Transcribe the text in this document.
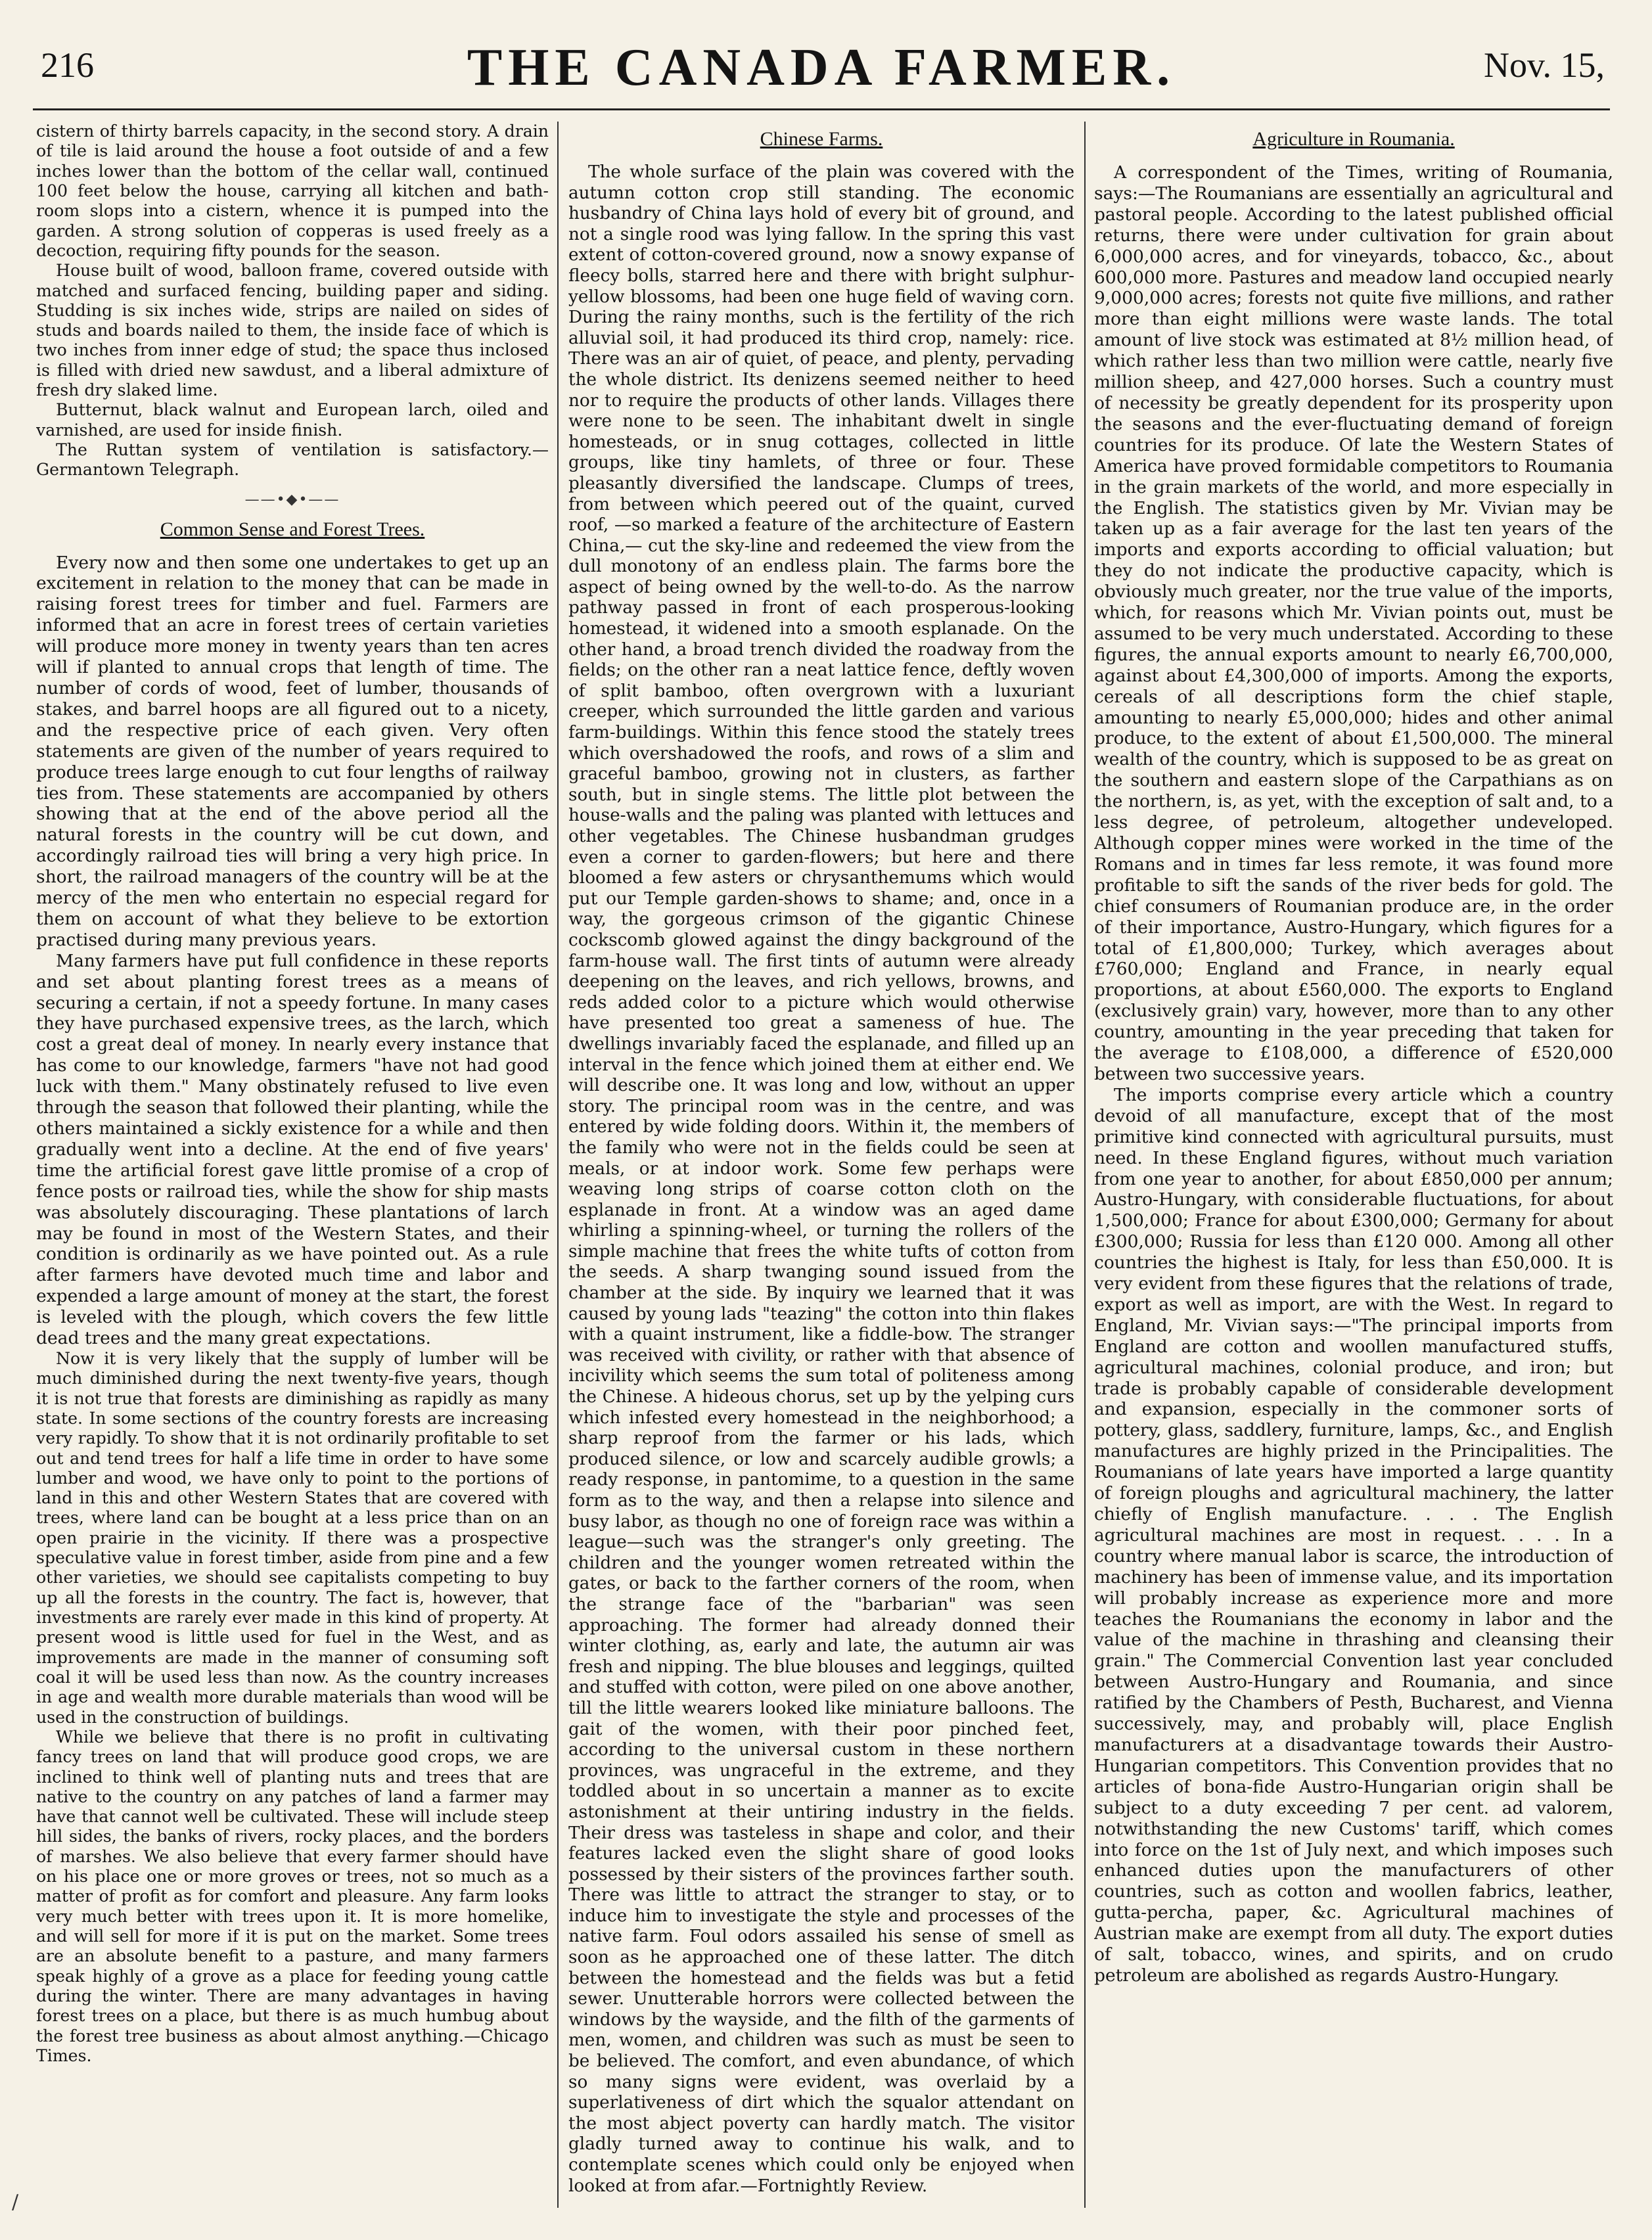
216	THE CANADA FARMER.	Nov. 15,

cistern of thirty barrels capacity, in the second story. A drain of tile is laid around the house a foot outside of and a few inches lower than the bottom of the cellar wall, continued 100 feet below the house, carrying all kitchen and bath-room slops into a cistern, whence it is pumped into the garden. A strong solution of copperas is used freely as a decoction, requiring fifty pounds for the season.

House built of wood, balloon frame, covered outside with matched and surfaced fencing, building paper and siding. Studding is six inches wide, strips are nailed on sides of studs and boards nailed to them, the inside face of which is two inches from inner edge of stud; the space thus inclosed is filled with dried new sawdust, and a liberal admixture of fresh dry slaked lime.

Butternut, black walnut and European larch, oiled and varnished, are used for inside finish.

The Ruttan system of ventilation is satisfactory.—Germantown Telegraph.

——•◆•——
Common Sense and Forest Trees.

Every now and then some one undertakes to get up an excitement in relation to the money that can be made in raising forest trees for timber and fuel. Farmers are informed that an acre in forest trees of certain varieties will produce more money in twenty years than ten acres will if planted to annual crops that length of time. The number of cords of wood, feet of lumber, thousands of stakes, and barrel hoops are all figured out to a nicety, and the respective price of each given. Very often statements are given of the number of years required to produce trees large enough to cut four lengths of railway ties from. These statements are accompanied by others showing that at the end of the above period all the natural forests in the country will be cut down, and accordingly railroad ties will bring a very high price. In short, the railroad managers of the country will be at the mercy of the men who entertain no especial regard for them on account of what they believe to be extortion practised during many previous years.

Many farmers have put full confidence in these reports and set about planting forest trees as a means of securing a certain, if not a speedy fortune. In many cases they have purchased expensive trees, as the larch, which cost a great deal of money. In nearly every instance that has come to our knowledge, farmers "have not had good luck with them." Many obstinately refused to live even through the season that followed their planting, while the others maintained a sickly existence for a while and then gradually went into a decline. At the end of five years' time the artificial forest gave little promise of a crop of fence posts or railroad ties, while the show for ship masts was absolutely discouraging. These plantations of larch may be found in most of the Western States, and their condition is ordinarily as we have pointed out. As a rule after farmers have devoted much time and labor and expended a large amount of money at the start, the forest is leveled with the plough, which covers the few little dead trees and the many great expectations.

Now it is very likely that the supply of lumber will be much diminished during the next twenty-five years, though it is not true that forests are diminishing as rapidly as many state. In some sections of the country forests are increasing very rapidly. To show that it is not ordinarily profitable to set out and tend trees for half a life time in order to have some lumber and wood, we have only to point to the portions of land in this and other Western States that are covered with trees, where land can be bought at a less price than on an open prairie in the vicinity. If there was a prospective speculative value in forest timber, aside from pine and a few other varieties, we should see capitalists competing to buy up all the forests in the country. The fact is, however, that investments are rarely ever made in this kind of property. At present wood is little used for fuel in the West, and as improvements are made in the manner of consuming soft coal it will be used less than now. As the country increases in age and wealth more durable materials than wood will be used in the construction of buildings.

While we believe that there is no profit in cultivating fancy trees on land that will produce good crops, we are inclined to think well of planting nuts and trees that are native to the country on any patches of land a farmer may have that cannot well be cultivated. These will include steep hill sides, the banks of rivers, rocky places, and the borders of marshes. We also believe that every farmer should have on his place one or more groves or trees, not so much as a matter of profit as for comfort and pleasure. Any farm looks very much better with trees upon it. It is more homelike, and will sell for more if it is put on the market. Some trees are an absolute benefit to a pasture, and many farmers speak highly of a grove as a place for feeding young cattle during the winter. There are many advantages in having forest trees on a place, but there is as much humbug about the forest tree business as about almost anything.—Chicago Times.

Chinese Farms.

The whole surface of the plain was covered with the autumn cotton crop still standing. The economic husbandry of China lays hold of every bit of ground, and not a single rood was lying fallow. In the spring this vast extent of cotton-covered ground, now a snowy expanse of fleecy bolls, starred here and there with bright sulphur-yellow blossoms, had been one huge field of waving corn. During the rainy months, such is the fertility of the rich alluvial soil, it had produced its third crop, namely: rice. There was an air of quiet, of peace, and plenty, pervading the whole district. Its denizens seemed neither to heed nor to require the products of other lands. Villages there were none to be seen. The inhabitant dwelt in single homesteads, or in snug cottages, collected in little groups, like tiny hamlets, of three or four. These pleasantly diversified the landscape. Clumps of trees, from between which peered out of the quaint, curved roof, —so marked a feature of the architecture of Eastern China,— cut the sky-line and redeemed the view from the dull monotony of an endless plain. The farms bore the aspect of being owned by the well-to-do. As the narrow pathway passed in front of each prosperous-looking homestead, it widened into a smooth esplanade. On the other hand, a broad trench divided the roadway from the fields; on the other ran a neat lattice fence, deftly woven of split bamboo, often overgrown with a luxuriant creeper, which surrounded the little garden and various farm-buildings. Within this fence stood the stately trees which overshadowed the roofs, and rows of a slim and graceful bamboo, growing not in clusters, as farther south, but in single stems. The little plot between the house-walls and the paling was planted with lettuces and other vegetables. The Chinese husbandman grudges even a corner to garden-flowers; but here and there bloomed a few asters or chrysanthemums which would put our Temple garden-shows to shame; and, once in a way, the gorgeous crimson of the gigantic Chinese cockscomb glowed against the dingy background of the farm-house wall. The first tints of autumn were already deepening on the leaves, and rich yellows, browns, and reds added color to a picture which would otherwise have presented too great a sameness of hue. The dwellings invariably faced the esplanade, and filled up an interval in the fence which joined them at either end. We will describe one. It was long and low, without an upper story. The principal room was in the centre, and was entered by wide folding doors. Within it, the members of the family who were not in the fields could be seen at meals, or at indoor work. Some few perhaps were weaving long strips of coarse cotton cloth on the esplanade in front. At a window was an aged dame whirling a spinning-wheel, or turning the rollers of the simple machine that frees the white tufts of cotton from the seeds. A sharp twanging sound issued from the chamber at the side. By inquiry we learned that it was caused by young lads "teazing" the cotton into thin flakes with a quaint instrument, like a fiddle-bow. The stranger was received with civility, or rather with that absence of incivility which seems the sum total of politeness among the Chinese. A hideous chorus, set up by the yelping curs which infested every homestead in the neighborhood; a sharp reproof from the farmer or his lads, which produced silence, or low and scarcely audible growls; a ready response, in pantomime, to a question in the same form as to the way, and then a relapse into silence and busy labor, as though no one of foreign race was within a league—such was the stranger's only greeting. The children and the younger women retreated within the gates, or back to the farther corners of the room, when the strange face of the "barbarian" was seen approaching. The former had already donned their winter clothing, as, early and late, the autumn air was fresh and nipping. The blue blouses and leggings, quilted and stuffed with cotton, were piled on one above another, till the little wearers looked like miniature balloons. The gait of the women, with their poor pinched feet, according to the universal custom in these northern provinces, was ungraceful in the extreme, and they toddled about in so uncertain a manner as to excite astonishment at their untiring industry in the fields. Their dress was tasteless in shape and color, and their features lacked even the slight share of good looks possessed by their sisters of the provinces farther south. There was little to attract the stranger to stay, or to induce him to investigate the style and processes of the native farm. Foul odors assailed his sense of smell as soon as he approached one of these latter. The ditch between the homestead and the fields was but a fetid sewer. Unutterable horrors were collected between the windows by the wayside, and the filth of the garments of men, women, and children was such as must be seen to be believed. The comfort, and even abundance, of which so many signs were evident, was overlaid by a superlativeness of dirt which the squalor attendant on the most abject poverty can hardly match. The visitor gladly turned away to continue his walk, and to contemplate scenes which could only be enjoyed when looked at from afar.—Fortnightly Review.

Agriculture in Roumania.

A correspondent of the Times, writing of Roumania, says:—The Roumanians are essentially an agricultural and pastoral people. According to the latest published official returns, there were under cultivation for grain about 6,000,000 acres, and for vineyards, tobacco, &c., about 600,000 more. Pastures and meadow land occupied nearly 9,000,000 acres; forests not quite five millions, and rather more than eight millions were waste lands. The total amount of live stock was estimated at 8½ million head, of which rather less than two million were cattle, nearly five million sheep, and 427,000 horses. Such a country must of necessity be greatly dependent for its prosperity upon the seasons and the ever-fluctuating demand of foreign countries for its produce. Of late the Western States of America have proved formidable competitors to Roumania in the grain markets of the world, and more especially in the English. The statistics given by Mr. Vivian may be taken up as a fair average for the last ten years of the imports and exports according to official valuation; but they do not indicate the productive capacity, which is obviously much greater, nor the true value of the imports, which, for reasons which Mr. Vivian points out, must be assumed to be very much understated. According to these figures, the annual exports amount to nearly £6,700,000, against about £4,300,000 of imports. Among the exports, cereals of all descriptions form the chief staple, amounting to nearly £5,000,000; hides and other animal produce, to the extent of about £1,500,000. The mineral wealth of the country, which is supposed to be as great on the southern and eastern slope of the Carpathians as on the northern, is, as yet, with the exception of salt and, to a less degree, of petroleum, altogether undeveloped. Although copper mines were worked in the time of the Romans and in times far less remote, it was found more profitable to sift the sands of the river beds for gold. The chief consumers of Roumanian produce are, in the order of their importance, Austro-Hungary, which figures for a total of £1,800,000; Turkey, which averages about £760,000; England and France, in nearly equal proportions, at about £560,000. The exports to England (exclusively grain) vary, however, more than to any other country, amounting in the year preceding that taken for the average to £108,000, a difference of £520,000 between two successive years.

The imports comprise every article which a country devoid of all manufacture, except that of the most primitive kind connected with agricultural pursuits, must need. In these England figures, without much variation from one year to another, for about £850,000 per annum; Austro-Hungary, with considerable fluctuations, for about 1,500,000; France for about £300,000; Germany for about £300,000; Russia for less than £120 000. Among all other countries the highest is Italy, for less than £50,000. It is very evident from these figures that the relations of trade, export as well as import, are with the West. In regard to England, Mr. Vivian says:—"The principal imports from England are cotton and woollen manufactured stuffs, agricultural machines, colonial produce, and iron; but trade is probably capable of considerable development and expansion, especially in the commoner sorts of pottery, glass, saddlery, furniture, lamps, &c., and English manufactures are highly prized in the Principalities. The Roumanians of late years have imported a large quantity of foreign ploughs and agricultural machinery, the latter chiefly of English manufacture. . . . The English agricultural machines are most in request. . . . In a country where manual labor is scarce, the introduction of machinery has been of immense value, and its importation will probably increase as experience more and more teaches the Roumanians the economy in labor and the value of the machine in thrashing and cleansing their grain." The Commercial Convention last year concluded between Austro-Hungary and Roumania, and since ratified by the Chambers of Pesth, Bucharest, and Vienna successively, may, and probably will, place English manufacturers at a disadvantage towards their Austro-Hungarian competitors. This Convention provides that no articles of bona-fide Austro-Hungarian origin shall be subject to a duty exceeding 7 per cent. ad valorem, notwithstanding the new Customs' tariff, which comes into force on the 1st of July next, and which imposes such enhanced duties upon the manufacturers of other countries, such as cotton and woollen fabrics, leather, gutta-percha, paper, &c. Agricultural machines of Austrian make are exempt from all duty. The export duties of salt, tobacco, wines, and spirits, and on crudo petroleum are abolished as regards Austro-Hungary.

/
